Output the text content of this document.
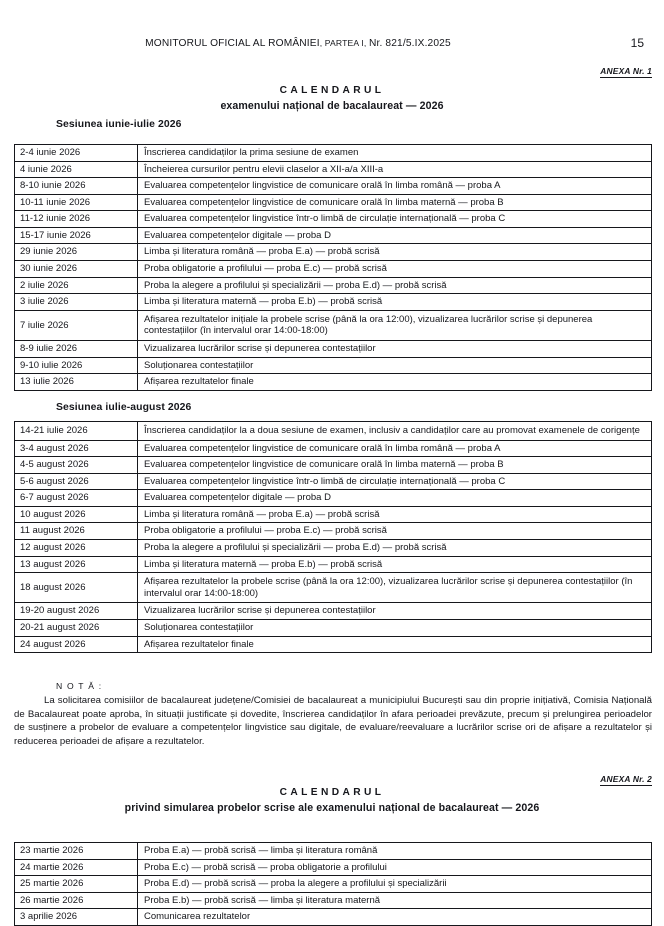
MONITORUL OFICIAL AL ROMÂNIEI, PARTEA I, Nr. 821/5.IX.2025	15
ANEXA Nr. 1
CALENDARUL
examenului național de bacalaureat — 2026
Sesiunea iunie-iulie 2026
2-4 iunie 2026	Înscrierea candidaților la prima sesiune de examen
4 iunie 2026	Încheierea cursurilor pentru elevii claselor a XII-a/a XIII-a
8-10 iunie 2026	Evaluarea competențelor lingvistice de comunicare orală în limba română — proba A
10-11 iunie 2026	Evaluarea competențelor lingvistice de comunicare orală în limba maternă — proba B
11-12 iunie 2026	Evaluarea competențelor lingvistice într-o limbă de circulație internațională — proba C
15-17 iunie 2026	Evaluarea competențelor digitale — proba D
29 iunie 2026	Limba și literatura română — proba E.a) — probă scrisă
30 iunie 2026	Proba obligatorie a profilului — proba E.c) — probă scrisă
2 iulie 2026	Proba la alegere a profilului și specializării — proba E.d) — probă scrisă
3 iulie 2026	Limba și literatura maternă — proba E.b) — probă scrisă
7 iulie 2026	Afișarea rezultatelor inițiale la probele scrise (până la ora 12:00), vizualizarea lucrărilor scrise și depunerea contestațiilor (în intervalul orar 14:00-18:00)
8-9 iulie 2026	Vizualizarea lucrărilor scrise și depunerea contestațiilor
9-10 iulie 2026	Soluționarea contestațiilor
13 iulie 2026	Afișarea rezultatelor finale
Sesiunea iulie-august 2026
14-21 iulie 2026	Înscrierea candidaților la a doua sesiune de examen, inclusiv a candidaților care au promovat examenele de corigențe
3-4 august 2026	Evaluarea competențelor lingvistice de comunicare orală în limba română — proba A
4-5 august 2026	Evaluarea competențelor lingvistice de comunicare orală în limba maternă — proba B
5-6 august 2026	Evaluarea competențelor lingvistice într-o limbă de circulație internațională — proba C
6-7 august 2026	Evaluarea competențelor digitale — proba D
10 august 2026	Limba și literatura română — proba E.a) — probă scrisă
11 august 2026	Proba obligatorie a profilului — proba E.c) — probă scrisă
12 august 2026	Proba la alegere a profilului și specializării — proba E.d) — probă scrisă
13 august 2026	Limba și literatura maternă — proba E.b) — probă scrisă
18 august 2026	Afișarea rezultatelor la probele scrise (până la ora 12:00), vizualizarea lucrărilor scrise și depunerea contestațiilor (în intervalul orar 14:00-18:00)
19-20 august 2026	Vizualizarea lucrărilor scrise și depunerea contestațiilor
20-21 august 2026	Soluționarea contestațiilor
24 august 2026	Afișarea rezultatelor finale
N O T Ă :
La solicitarea comisiilor de bacalaureat județene/Comisiei de bacalaureat a municipiului București sau din proprie inițiativă, Comisia Națională de Bacalaureat poate aproba, în situații justificate și dovedite, înscrierea candidaților în afara perioadei prevăzute, precum și prelungirea perioadelor de susținere a probelor de evaluare a competențelor lingvistice sau digitale, de evaluare/reevaluare a lucrărilor scrise ori de afișare a rezultatelor și reducerea perioadei de afișare a rezultatelor.
ANEXA Nr. 2
CALENDARUL
privind simularea probelor scrise ale examenului național de bacalaureat — 2026
23 martie 2026	Proba E.a) — probă scrisă — limba și literatura română
24 martie 2026	Proba E.c) — probă scrisă — proba obligatorie a profilului
25 martie 2026	Proba E.d) — probă scrisă — proba la alegere a profilului și specializării
26 martie 2026	Proba E.b) — probă scrisă — limba și literatura maternă
3 aprilie 2026	Comunicarea rezultatelor
